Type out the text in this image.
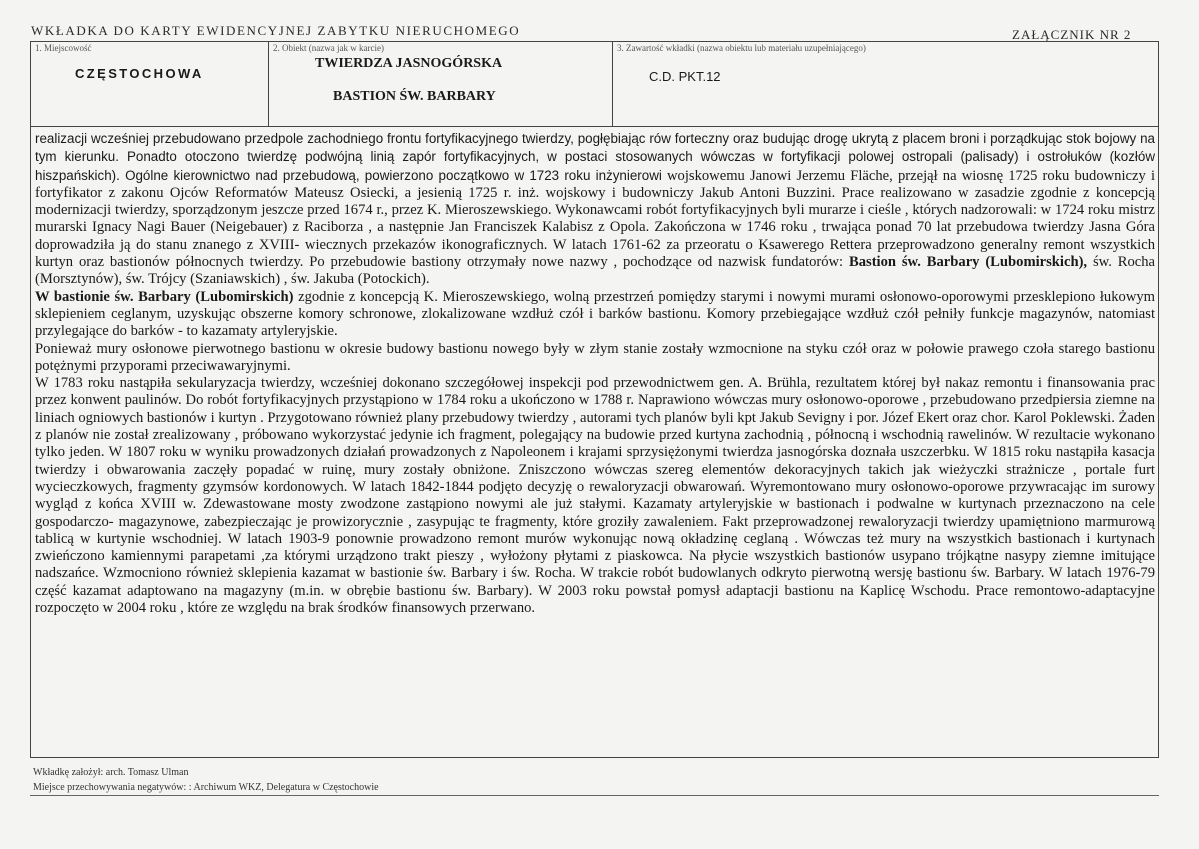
WKŁADKA DO KARTY EWIDENCYJNEJ ZABYTKU NIERUCHOMEGO	ZAŁĄCZNIK NR 2
1. Miejscowość
CZĘSTOCHOWA
2. Obiekt (nazwa jak w karcie)
TWIERDZA JASNOGÓRSKA
BASTION ŚW. BARBARY
3. Zawartość wkładki (nazwa obiektu lub materiału uzupełniającego)
C.D. PKT.12

realizacji wcześniej przebudowano przedpole zachodniego frontu fortyfikacyjnego twierdzy, pogłębiając rów forteczny oraz budując drogę ukrytą z placem broni i porządkując stok bojowy na tym kierunku. Ponadto otoczono twierdzę podwójną linią zapór fortyfikacyjnych, w postaci stosowanych wówczas w fortyfikacji polowej ostropali (palisady) i ostrołuków (kozłów hiszpańskich). Ogólne kierownictwo nad przebudową, powierzono początkowo w 1723 roku inżynierowi wojskowemu Janowi Jerzemu Fläche, przejął na wiosnę 1725 roku budowniczy i fortyfikator z zakonu Ojców Reformatów Mateusz Osiecki, a jesienią 1725 r. inż. wojskowy i budowniczy Jakub Antoni Buzzini. Prace realizowano w zasadzie zgodnie z koncepcją modernizacji twierdzy, sporządzonym jeszcze przed 1674 r., przez K. Mieroszewskiego. Wykonawcami robót fortyfikacyjnych byli murarze i cieśle , których nadzorowali: w 1724 roku mistrz murarski Ignacy Nagi Bauer (Neigebauer) z Raciborza , a następnie Jan Franciszek Kalabisz z Opola. Zakończona w 1746 roku , trwająca ponad 70 lat przebudowa twierdzy Jasna Góra doprowadziła ją do stanu znanego z XVIII- wiecznych przekazów ikonograficznych. W latach 1761-62 za przeoratu o Ksawerego Rettera przeprowadzono generalny remont wszystkich kurtyn oraz bastionów północnych twierdzy. Po przebudowie bastiony otrzymały nowe nazwy , pochodzące od nazwisk fundatorów: Bastion św. Barbary (Lubomirskich), św. Rocha (Morsztynów), św. Trójcy (Szaniawskich) , św. Jakuba (Potockich).

W bastionie św. Barbary (Lubomirskich) zgodnie z koncepcją K. Mieroszewskiego, wolną przestrzeń pomiędzy starymi i nowymi murami osłonowo-oporowymi przesklepiono łukowym sklepieniem ceglanym, uzyskując obszerne komory schronowe, zlokalizowane wzdłuż czół i barków bastionu. Komory przebiegające wzdłuż czół pełniły funkcje magazynów, natomiast przylegające do barków - to kazamaty artyleryjskie.

Ponieważ mury osłonowe pierwotnego bastionu w okresie budowy bastionu nowego były w złym stanie zostały wzmocnione na styku czół oraz w połowie prawego czoła starego bastionu potężnymi przyporami przeciwawaryjnymi.

W 1783 roku nastąpiła sekularyzacja twierdzy, wcześniej dokonano szczegółowej inspekcji pod przewodnictwem gen. A. Brühla, rezultatem której był nakaz remontu i finansowania prac przez konwent paulinów. Do robót fortyfikacyjnych przystąpiono w 1784 roku a ukończono w 1788 r. Naprawiono wówczas mury osłonowo-oporowe , przebudowano przedpiersia ziemne na liniach ogniowych bastionów i kurtyn . Przygotowano również plany przebudowy twierdzy , autorami tych planów byli kpt Jakub Sevigny i por. Józef Ekert oraz chor. Karol Poklewski. Żaden z planów nie został zrealizowany , próbowano wykorzystać jedynie ich fragment, polegający na budowie przed kurtyna zachodnią , północną i wschodnią rawelinów. W rezultacie wykonano tylko jeden. W 1807 roku w wyniku prowadzonych działań prowadzonych z Napoleonem i krajami sprzysiężonymi twierdza jasnogórska doznała uszczerbku. W 1815 roku nastąpiła kasacja twierdzy i obwarowania zaczęły popadać w ruinę, mury zostały obniżone. Zniszczono wówczas szereg elementów dekoracyjnych takich jak wieżyczki strażnicze , portale furt wycieczkowych, fragmenty gzymsów kordonowych. W latach 1842-1844 podjęto decyzję o rewaloryzacji obwarowań. Wyremontowano mury osłonowo-oporowe przywracając im surowy wygląd z końca XVIII w. Zdewastowane mosty zwodzone zastąpiono nowymi ale już stałymi. Kazamaty artyleryjskie w bastionach i podwalne w kurtynach przeznaczono na cele gospodarczo- magazynowe, zabezpieczając je prowizorycznie , zasypując te fragmenty, które groziły zawaleniem. Fakt przeprowadzonej rewaloryzacji twierdzy upamiętniono marmurową tablicą w kurtynie wschodniej. W latach 1903-9 ponownie prowadzono remont murów wykonując nową okładzinę ceglaną . Wówczas też mury na wszystkich bastionach i kurtynach zwieńczono kamiennymi parapetami ,za którymi urządzono trakt pieszy , wyłożony płytami z piaskowca. Na płycie wszystkich bastionów usypano trójkątne nasypy ziemne imitujące nadszańce. Wzmocniono również sklepienia kazamat w bastionie św. Barbary i św. Rocha. W trakcie robót budowlanych odkryto pierwotną wersję bastionu św. Barbary. W latach 1976-79 część kazamat adaptowano na magazyny (m.in. w obrębie bastionu św. Barbary). W 2003 roku powstał pomysł adaptacji bastionu na Kaplicę Wschodu. Prace remontowo-adaptacyjne rozpoczęto w 2004 roku , które ze względu na brak środków finansowych przerwano.

Wkładkę założył: arch. Tomasz Ulman
Miejsce przechowywania negatywów: : Archiwum WKZ, Delegatura w Częstochowie
